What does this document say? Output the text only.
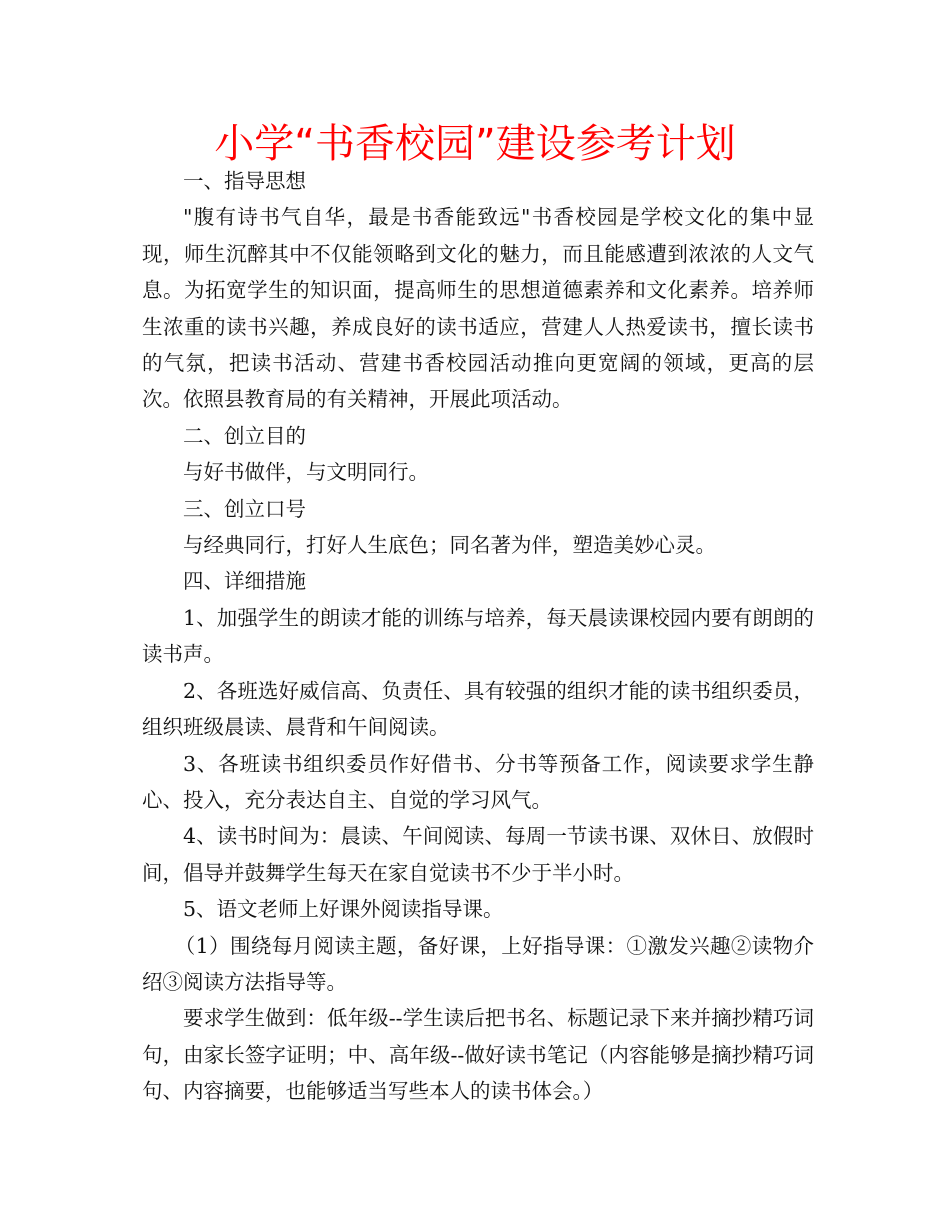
小学“书香校园”建设参考计划

一、指导思想

"腹有诗书气自华，最是书香能致远"书香校园是学校文化的集中显现，师生沉醉其中不仅能领略到文化的魅力，而且能感遭到浓浓的人文气息。为拓宽学生的知识面，提高师生的思想道德素养和文化素养。培养师生浓重的读书兴趣，养成良好的读书适应，营建人人热爱读书，擅长读书的气氛，把读书活动、营建书香校园活动推向更宽阔的领域，更高的层次。依照县教育局的有关精神，开展此项活动。

二、创立目的

与好书做伴，与文明同行。

三、创立口号

与经典同行，打好人生底色；同名著为伴，塑造美妙心灵。

四、详细措施

1、加强学生的朗读才能的训练与培养，每天晨读课校园内要有朗朗的读书声。

2、各班选好威信高、负责任、具有较强的组织才能的读书组织委员，组织班级晨读、晨背和午间阅读。

3、各班读书组织委员作好借书、分书等预备工作，阅读要求学生静心、投入，充分表达自主、自觉的学习风气。

4、读书时间为：晨读、午间阅读、每周一节读书课、双休日、放假时间，倡导并鼓舞学生每天在家自觉读书不少于半小时。

5、语文老师上好课外阅读指导课。

（1）围绕每月阅读主题，备好课，上好指导课：①激发兴趣②读物介绍③阅读方法指导等。

要求学生做到：低年级--学生读后把书名、标题记录下来并摘抄精巧词句，由家长签字证明；中、高年级--做好读书笔记（内容能够是摘抄精巧词句、内容摘要，也能够适当写些本人的读书体会。）
